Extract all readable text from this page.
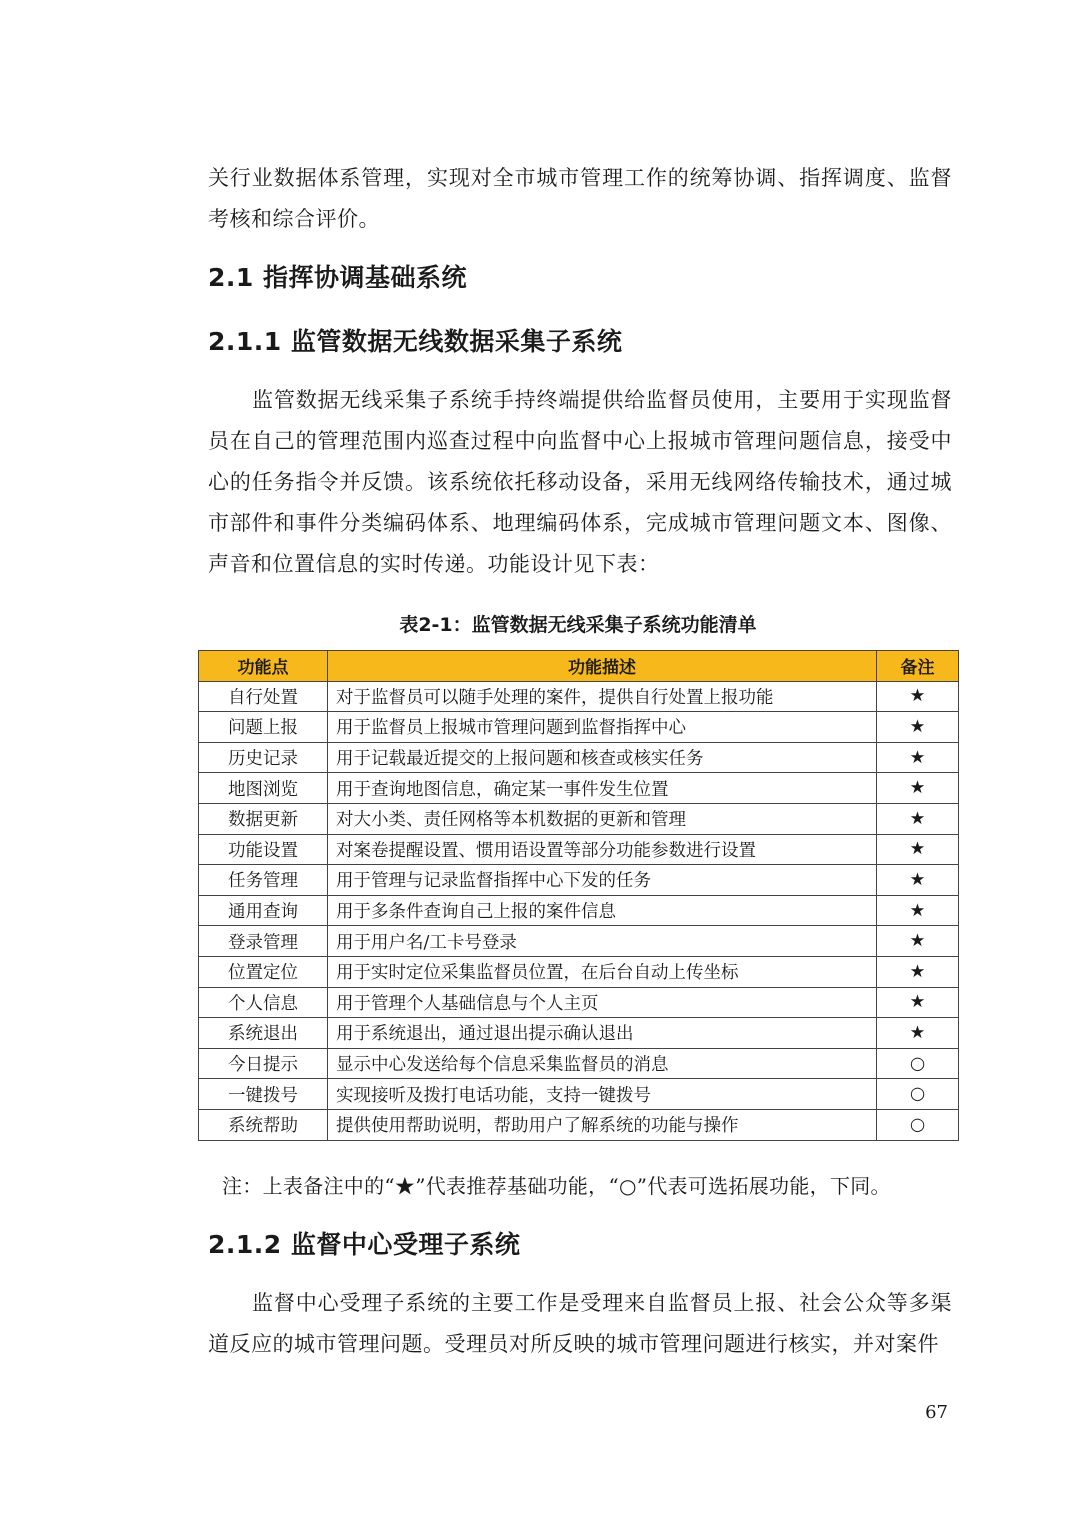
关行业数据体系管理，实现对全市城市管理工作的统筹协调、指挥调度、监督考核和综合评价。

2.1 指挥协调基础系统
2.1.1 监管数据无线数据采集子系统

监管数据无线采集子系统手持终端提供给监督员使用，主要用于实现监督员在自己的管理范围内巡查过程中向监督中心上报城市管理问题信息，接受中心的任务指令并反馈。该系统依托移动设备，采用无线网络传输技术，通过城市部件和事件分类编码体系、地理编码体系，完成城市管理问题文本、图像、声音和位置信息的实时传递。功能设计见下表：

表2-1：监管数据无线采集子系统功能清单
功能点	功能描述	备注
自行处置	对于监督员可以随手处理的案件，提供自行处置上报功能	★
问题上报	用于监督员上报城市管理问题到监督指挥中心	★
历史记录	用于记载最近提交的上报问题和核查或核实任务	★
地图浏览	用于查询地图信息，确定某一事件发生位置	★
数据更新	对大小类、责任网格等本机数据的更新和管理	★
功能设置	对案卷提醒设置、惯用语设置等部分功能参数进行设置	★
任务管理	用于管理与记录监督指挥中心下发的任务	★
通用查询	用于多条件查询自己上报的案件信息	★
登录管理	用于用户名/工卡号登录	★
位置定位	用于实时定位采集监督员位置，在后台自动上传坐标	★
个人信息	用于管理个人基础信息与个人主页	★
系统退出	用于系统退出，通过退出提示确认退出	★
今日提示	显示中心发送给每个信息采集监督员的消息	○
一键拨号	实现接听及拨打电话功能，支持一键拨号	○
系统帮助	提供使用帮助说明，帮助用户了解系统的功能与操作	○
注：上表备注中的“★”代表推荐基础功能，“○”代表可选拓展功能，下同。
2.1.2 监督中心受理子系统

监督中心受理子系统的主要工作是受理来自监督员上报、社会公众等多渠道反应的城市管理问题。受理员对所反映的城市管理问题进行核实，并对案件

67
